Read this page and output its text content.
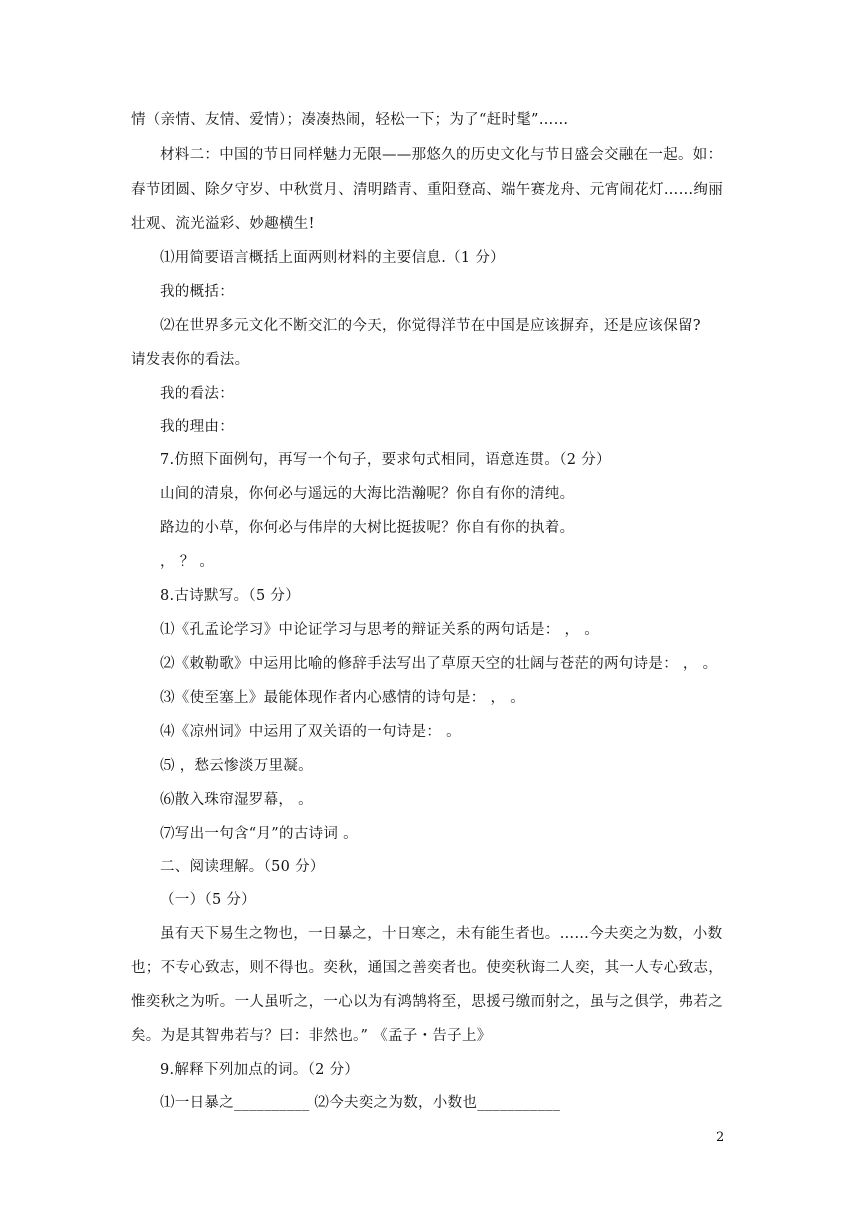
情（亲情、友情、爱情）；凑凑热闹，轻松一下；为了“赶时髦”……
材料二：中国的节日同样魅力无限——那悠久的历史文化与节日盛会交融在一起。如：
春节团圆、除夕守岁、中秋赏月、清明踏青、重阳登高、端午赛龙舟、元宵闹花灯……绚丽
壮观、流光溢彩、妙趣横生!
⑴用简要语言概括上面两则材料的主要信息.（1 分）
我的概括：
⑵在世界多元文化不断交汇的今天，你觉得洋节在中国是应该摒弃，还是应该保留?
请发表你的看法。
我的看法：
我的理由：
7.仿照下面例句，再写一个句子，要求句式相同，语意连贯。（2 分）
山间的清泉，你何必与遥远的大海比浩瀚呢？你自有你的清纯。
路边的小草，你何必与伟岸的大树比挺拔呢？你自有你的执着。
， ？ 。
8.古诗默写。（5 分）
⑴《孔孟论学习》中论证学习与思考的辩证关系的两句话是： ， 。
⑵《敕勒歌》中运用比喻的修辞手法写出了草原天空的壮阔与苍茫的两句诗是： ， 。
⑶《使至塞上》最能体现作者内心感情的诗句是： ， 。
⑷《凉州词》中运用了双关语的一句诗是： 。
⑸ ，愁云惨淡万里凝。
⑹散入珠帘湿罗幕， 。
⑺写出一句含“月”的古诗词 。
二、阅读理解。（50 分）
（一）（5 分）
虽有天下易生之物也，一日暴之，十日寒之，未有能生者也。……今夫奕之为数，小数
也；不专心致志，则不得也。奕秋，通国之善奕者也。使奕秋诲二人奕，其一人专心致志，
惟奕秋之为听。一人虽听之，一心以为有鸿鹄将至，思援弓缴而射之，虽与之俱学，弗若之
矣。为是其智弗若与？曰：非然也。” 《孟子・告子上》
9.解释下列加点的词。（2 分）
⑴一日暴之__________ ⑵今夫奕之为数，小数也___________
2
